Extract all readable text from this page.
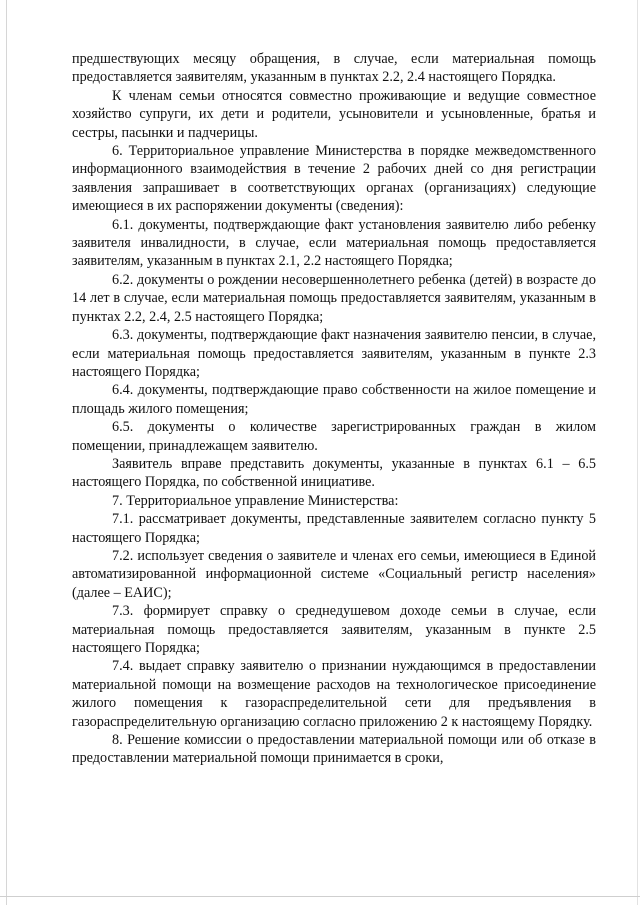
предшествующих месяцу обращения, в случае, если материальная помощь предоставляется заявителям, указанным в пунктах 2.2, 2.4 настоящего Порядка.

К членам семьи относятся совместно проживающие и ведущие совместное хозяйство супруги, их дети и родители, усыновители и усыновленные, братья и сестры, пасынки и падчерицы.

6. Территориальное управление Министерства в порядке межведомственного информационного взаимодействия в течение 2 рабочих дней со дня регистрации заявления запрашивает в соответствующих органах (организациях) следующие имеющиеся в их распоряжении документы (сведения):

6.1. документы, подтверждающие факт установления заявителю либо ребенку заявителя инвалидности, в случае, если материальная помощь предоставляется заявителям, указанным в пунктах 2.1, 2.2 настоящего Порядка;

6.2. документы о рождении несовершеннолетнего ребенка (детей) в возрасте до 14 лет в случае, если материальная помощь предоставляется заявителям, указанным в пунктах 2.2, 2.4, 2.5 настоящего Порядка;

6.3. документы, подтверждающие факт назначения заявителю пенсии, в случае, если материальная помощь предоставляется заявителям, указанным в пункте 2.3 настоящего Порядка;

6.4. документы, подтверждающие право собственности на жилое помещение и площадь жилого помещения;

6.5. документы о количестве зарегистрированных граждан в жилом помещении, принадлежащем заявителю.

Заявитель вправе представить документы, указанные в пунктах 6.1 – 6.5 настоящего Порядка, по собственной инициативе.

7. Территориальное управление Министерства:

7.1. рассматривает документы, представленные заявителем согласно пункту 5 настоящего Порядка;

7.2. использует сведения о заявителе и членах его семьи, имеющиеся в Единой автоматизированной информационной системе «Социальный регистр населения» (далее – ЕАИС);

7.3. формирует справку о среднедушевом доходе семьи в случае, если материальная помощь предоставляется заявителям, указанным в пункте 2.5 настоящего Порядка;

7.4. выдает справку заявителю о признании нуждающимся в предоставлении материальной помощи на возмещение расходов на технологическое присоединение жилого помещения к газораспределительной сети для предъявления в газораспределительную организацию согласно приложению 2 к настоящему Порядку.

8. Решение комиссии о предоставлении материальной помощи или об отказе в предоставлении материальной помощи принимается в сроки,
